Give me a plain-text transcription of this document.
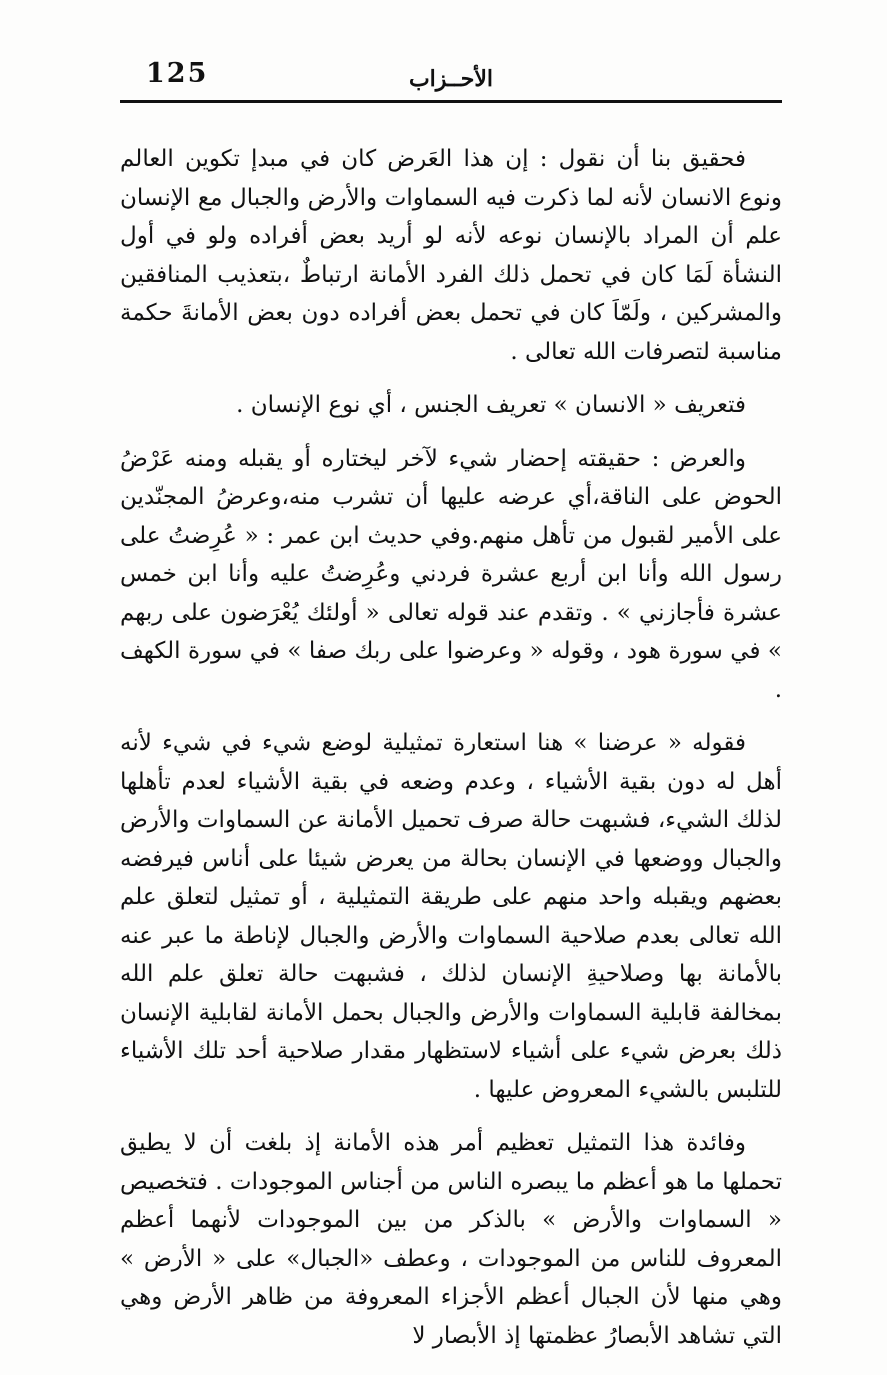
125	الأحــزاب

فحقيق بنا أن نقول : إن هذا العَرض كان في مبدإ تكوين العالم ونوع الانسان لأنه لما ذكرت فيه السماوات والأرض والجبال مع الإنسان علم أن المراد بالإنسان نوعه لأنه لو أريد بعض أفراده ولو في أول النشأة لَمَا كان في تحمل ذلك الفرد الأمانة ارتباطٌ ،بتعذيب المنافقين والمشركين ، ولَمّاَ كان في تحمل بعض أفراده دون بعض الأمانةَ حكمة مناسبة لتصرفات الله تعالى .

فتعريف « الانسان » تعريف الجنس ، أي نوع الإنسان .

والعرض : حقيقته إحضار شيء لآخر ليختاره أو يقبله ومنه عَرْضُ الحوض على الناقة،أي عرضه عليها أن تشرب منه،وعرضُ المجنّدين على الأمير لقبول من تأهل منهم.وفي حديث ابن عمر : « عُرِضتُ على رسول الله وأنا ابن أربع عشرة فردني وعُرِضتُ عليه وأنا ابن خمس عشرة فأجازني » . وتقدم عند قوله تعالى « أولئك يُعْرَضون على ربهم » في سورة هود ، وقوله « وعرضوا على ربك صفا » في سورة الكهف .

فقوله « عرضنا » هنا استعارة تمثيلية لوضع شيء في شيء لأنه أهل له دون بقية الأشياء ، وعدم وضعه في بقية الأشياء لعدم تأهلها لذلك الشيء، فشبهت حالة صرف تحميل الأمانة عن السماوات والأرض والجبال ووضعها في الإنسان بحالة من يعرض شيئا على أناس فيرفضه بعضهم ويقبله واحد منهم على طريقة التمثيلية ، أو تمثيل لتعلق علم الله تعالى بعدم صلاحية السماوات والأرض والجبال لإناطة ما عبر عنه بالأمانة بها وصلاحيةِ الإنسان لذلك ، فشبهت حالة تعلق علم الله بمخالفة قابلية السماوات والأرض والجبال بحمل الأمانة لقابلية الإنسان ذلك بعرض شيء على أشياء لاستظهار مقدار صلاحية أحد تلك الأشياء للتلبس بالشيء المعروض عليها .

وفائدة هذا التمثيل تعظيم أمر هذه الأمانة إذ بلغت أن لا يطيق تحملها ما هو أعظم ما يبصره الناس من أجناس الموجودات . فتخصيص « السماوات والأرض » بالذكر من بين الموجودات لأنهما أعظم المعروف للناس من الموجودات ، وعطف «الجبال» على « الأرض » وهي منها لأن الجبال أعظم الأجزاء المعروفة من ظاهر الأرض وهي التي تشاهد الأبصارُ عظمتها إذ الأبصار لا
